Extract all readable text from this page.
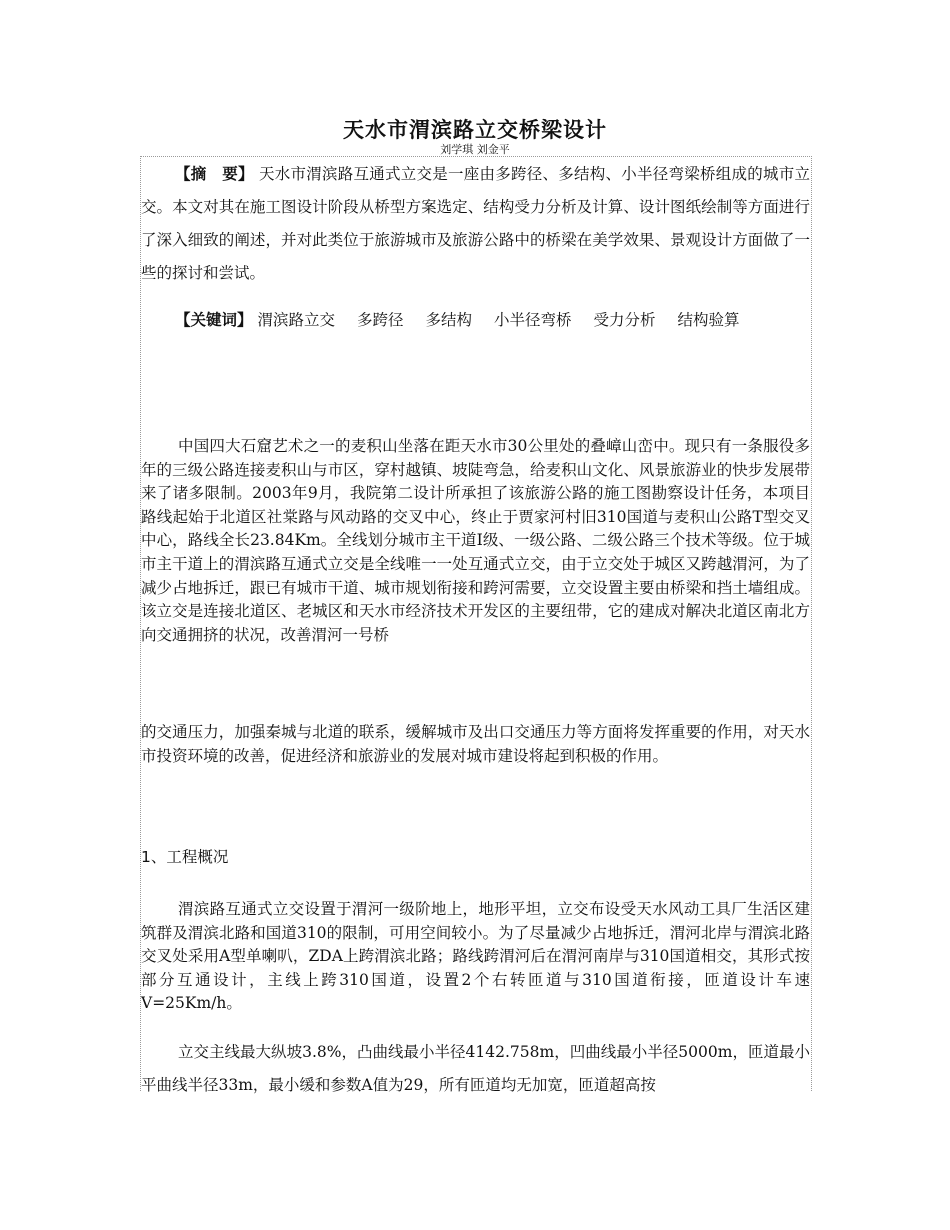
天水市渭滨路立交桥梁设计
刘学琪 刘金平
【摘　要】 天水市渭滨路互通式立交是一座由多跨径、多结构、小半径弯梁桥组成的城市立交。本文对其在施工图设计阶段从桥型方案选定、结构受力分析及计算、设计图纸绘制等方面进行了深入细致的阐述，并对此类位于旅游城市及旅游公路中的桥梁在美学效果、景观设计方面做了一些的探讨和尝试。
【关键词】 渭滨路立交 多跨径 多结构 小半径弯桥 受力分析 结构验算
中国四大石窟艺术之一的麦积山坐落在距天水市30公里处的叠嶂山峦中。现只有一条服役多年的三级公路连接麦积山与市区，穿村越镇、坡陡弯急，给麦积山文化、风景旅游业的快步发展带来了诸多限制。2003年9月，我院第二设计所承担了该旅游公路的施工图勘察设计任务，本项目路线起始于北道区社棠路与风动路的交叉中心，终止于贾家河村旧310国道与麦积山公路T型交叉中心，路线全长23.84Km。全线划分城市主干道Ⅰ级、一级公路、二级公路三个技术等级。位于城市主干道上的渭滨路互通式立交是全线唯一一处互通式立交，由于立交处于城区又跨越渭河，为了减少占地拆迁，跟已有城市干道、城市规划衔接和跨河需要，立交设置主要由桥梁和挡土墙组成。该立交是连接北道区、老城区和天水市经济技术开发区的主要纽带，它的建成对解决北道区南北方向交通拥挤的状况，改善渭河一号桥
的交通压力，加强秦城与北道的联系，缓解城市及出口交通压力等方面将发挥重要的作用，对天水市投资环境的改善，促进经济和旅游业的发展对城市建设将起到积极的作用。
1、工程概况
渭滨路互通式立交设置于渭河一级阶地上，地形平坦，立交布设受天水风动工具厂生活区建筑群及渭滨北路和国道310的限制，可用空间较小。为了尽量减少占地拆迁，渭河北岸与渭滨北路交叉处采用A型单喇叭，ZDA上跨渭滨北路；路线跨渭河后在渭河南岸与310国道相交，其形式按部分互通设计，主线上跨310国道，设置2个右转匝道与310国道衔接，匝道设计车速V=25Km/h。
立交主线最大纵坡3.8%，凸曲线最小半径4142.758m，凹曲线最小半径5000m，匝道最小平曲线半径33m，最小缓和参数A值为29，所有匝道均无加宽，匝道超高按
